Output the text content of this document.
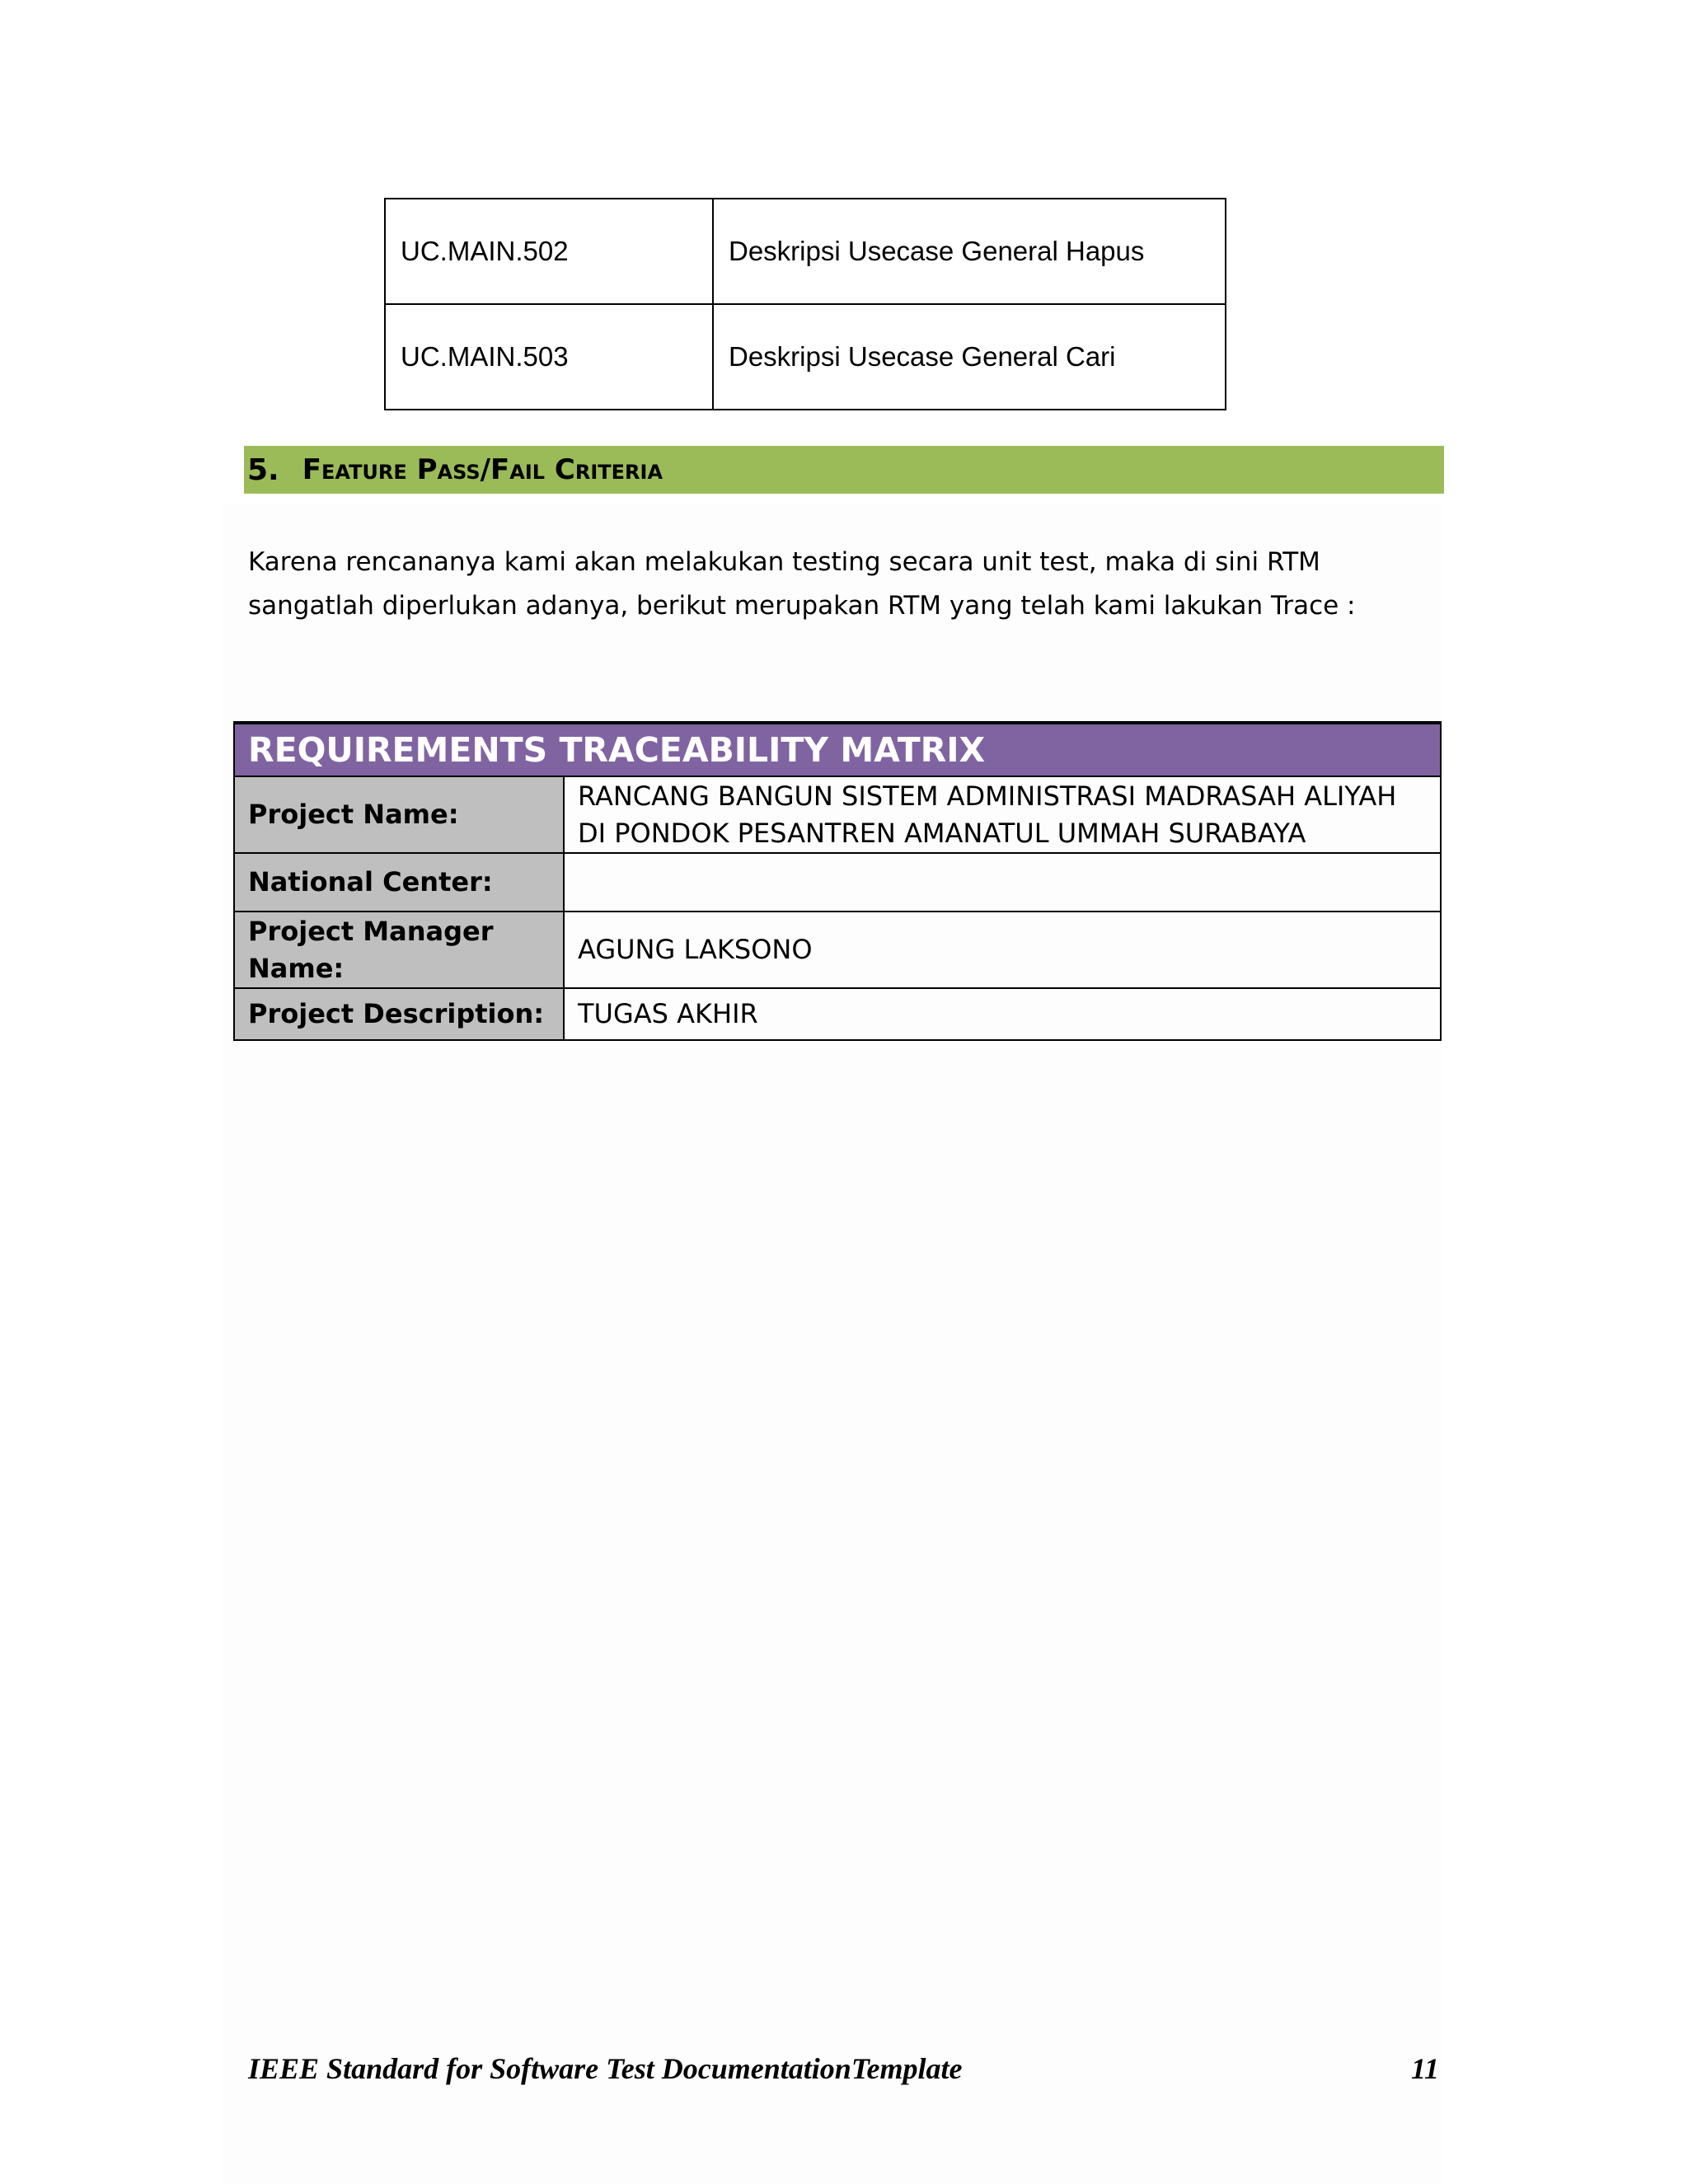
UC.MAIN.502	Deskripsi Usecase General Hapus
UC.MAIN.503	Deskripsi Usecase General Cari
5. Feature Pass/Fail Criteria

Karena rencananya kami akan melakukan testing secara unit test, maka di sini RTM sangatlah diperlukan adanya, berikut merupakan RTM yang telah kami lakukan Trace :

REQUIREMENTS TRACEABILITY MATRIX	
Project Name:	RANCANG BANGUN SISTEM ADMINISTRASI MADRASAH ALIYAH
DI PONDOK PESANTREN AMANATUL UMMAH SURABAYA

National Center:	

Project Manager
Name:	AGUNG LAKSONO
Project Description:	TUGAS AKHIR
IEEE Standard for Software Test DocumentationTemplate	11
